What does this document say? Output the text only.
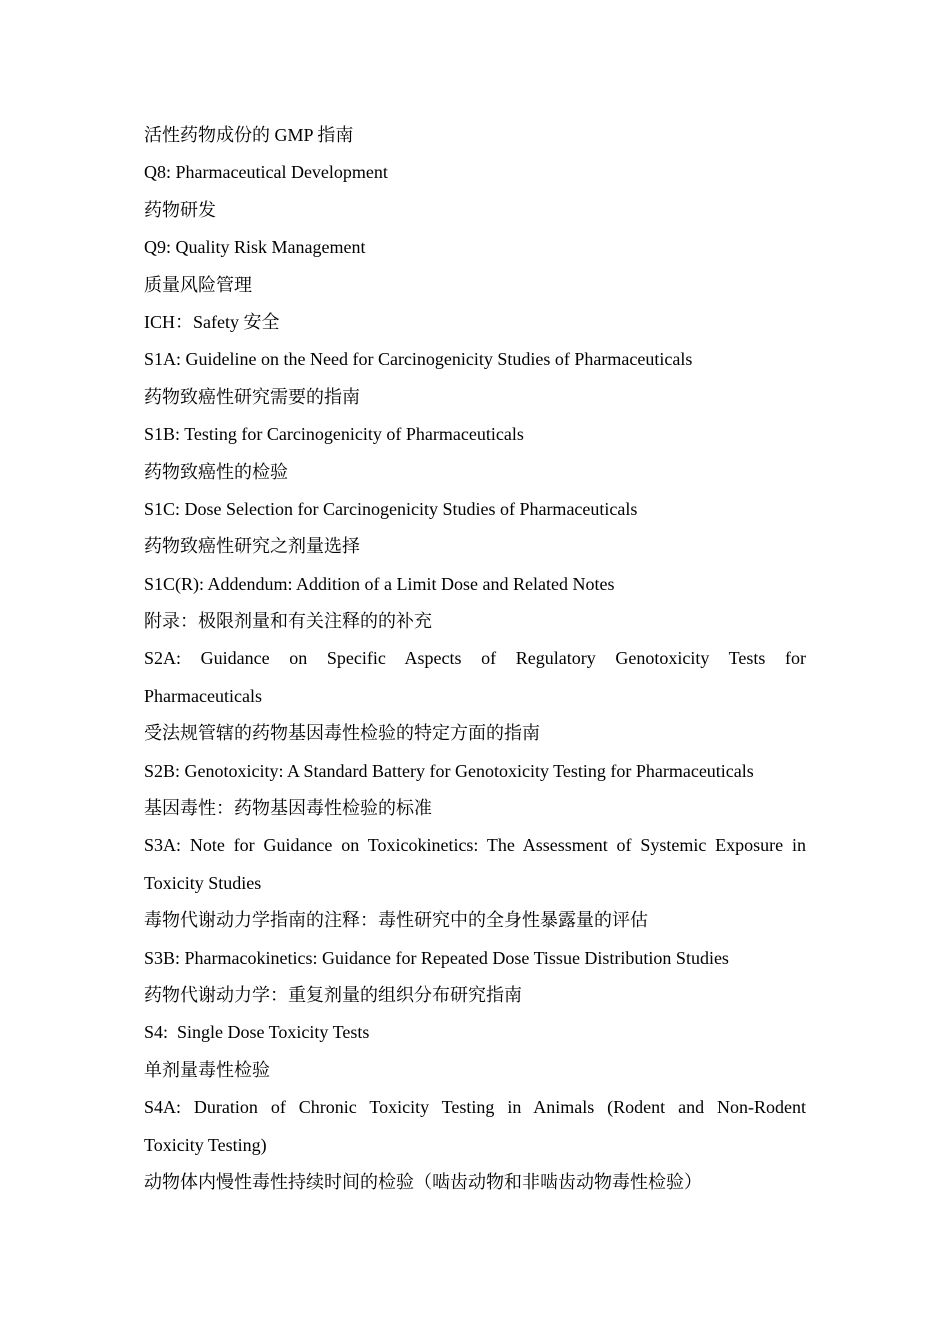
活性药物成份的 GMP 指南
Q8: Pharmaceutical Development
药物研发
Q9: Quality Risk Management
质量风险管理
ICH：Safety 安全
S1A: Guideline on the Need for Carcinogenicity Studies of Pharmaceuticals
药物致癌性研究需要的指南
S1B: Testing for Carcinogenicity of Pharmaceuticals
药物致癌性的检验
S1C: Dose Selection for Carcinogenicity Studies of Pharmaceuticals
药物致癌性研究之剂量选择
S1C(R): Addendum: Addition of a Limit Dose and Related Notes
附录：极限剂量和有关注释的的补充
S2A: Guidance on Specific Aspects of Regulatory Genotoxicity Tests for
Pharmaceuticals
受法规管辖的药物基因毒性检验的特定方面的指南
S2B: Genotoxicity: A Standard Battery for Genotoxicity Testing for Pharmaceuticals
基因毒性：药物基因毒性检验的标准
S3A: Note for Guidance on Toxicokinetics: The Assessment of Systemic Exposure in
Toxicity Studies
毒物代谢动力学指南的注释：毒性研究中的全身性暴露量的评估
S3B: Pharmacokinetics: Guidance for Repeated Dose Tissue Distribution Studies
药物代谢动力学：重复剂量的组织分布研究指南
S4:  Single Dose Toxicity Tests
单剂量毒性检验
S4A: Duration of Chronic Toxicity Testing in Animals (Rodent and Non-Rodent
Toxicity Testing)
动物体内慢性毒性持续时间的检验（啮齿动物和非啮齿动物毒性检验）
